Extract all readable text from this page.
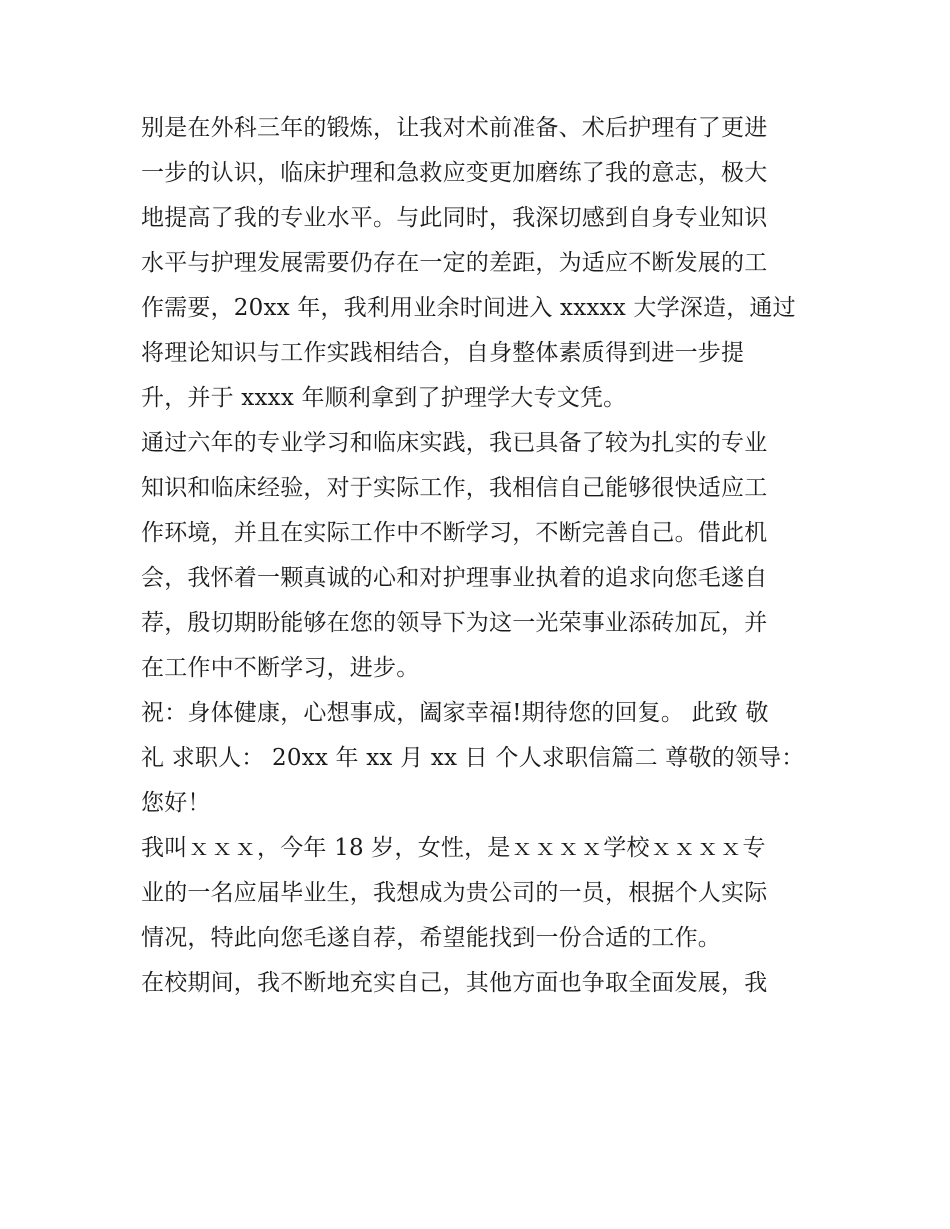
别是在外科三年的锻炼，让我对术前准备、术后护理有了更进
一步的认识，临床护理和急救应变更加磨练了我的意志，极大
地提高了我的专业水平。与此同时，我深切感到自身专业知识
水平与护理发展需要仍存在一定的差距，为适应不断发展的工
作需要，20xx 年，我利用业余时间进入 xxxxx 大学深造，通过
将理论知识与工作实践相结合，自身整体素质得到进一步提
升，并于 xxxx 年顺利拿到了护理学大专文凭。
通过六年的专业学习和临床实践，我已具备了较为扎实的专业
知识和临床经验，对于实际工作，我相信自己能够很快适应工
作环境，并且在实际工作中不断学习，不断完善自己。借此机
会，我怀着一颗真诚的心和对护理事业执着的追求向您毛遂自
荐，殷切期盼能够在您的领导下为这一光荣事业添砖加瓦，并
在工作中不断学习，进步。
祝：身体健康，心想事成，阖家幸福!期待您的回复。 此致 敬
礼 求职人： 20xx 年 xx 月 xx 日 个人求职信篇二 尊敬的领导：
您好！
我叫ｘｘｘ，今年 18 岁，女性，是ｘｘｘｘ学校ｘｘｘｘ专
业的一名应届毕业生，我想成为贵公司的一员，根据个人实际
情况，特此向您毛遂自荐，希望能找到一份合适的工作。
在校期间，我不断地充实自己，其他方面也争取全面发展，我
